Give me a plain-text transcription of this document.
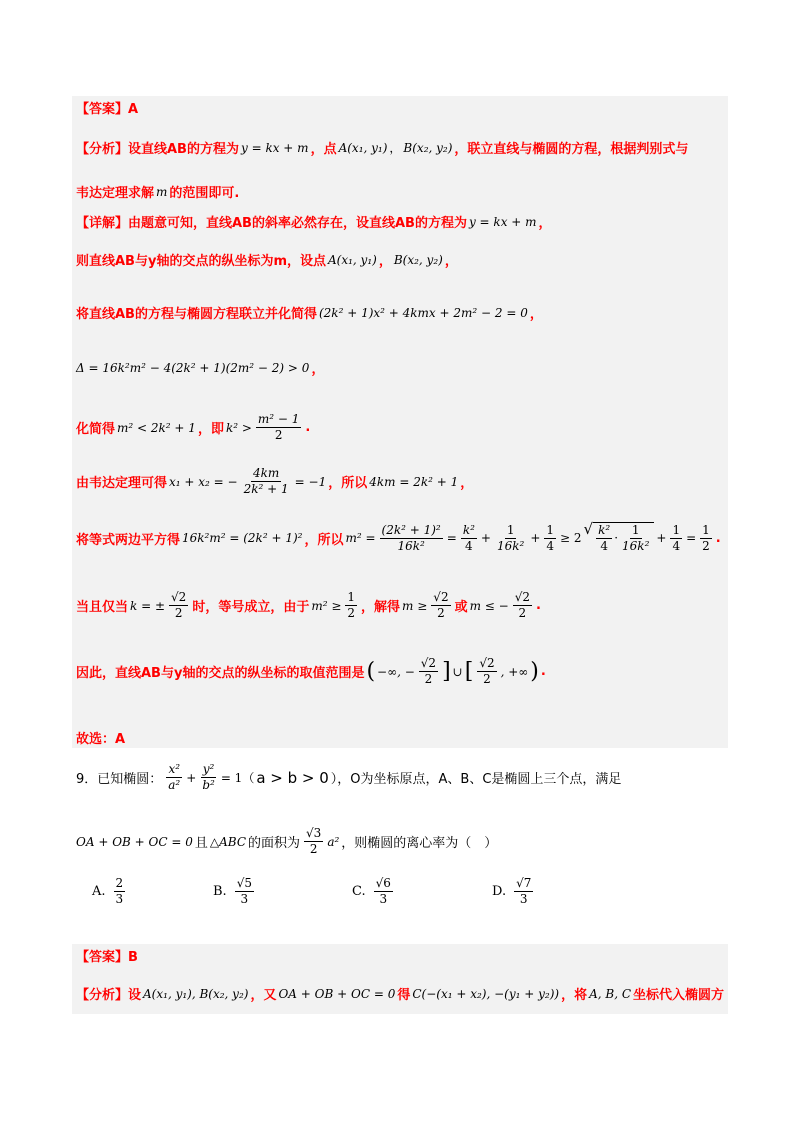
【答案】A
【分析】设直线AB的方程为 y = kx + m ，点 A(x₁, y₁) ， B(x₂, y₂) ，联立直线与椭圆的方程，根据判别式与
韦达定理求解 m 的范围即可.
【详解】由题意可知，直线AB的斜率必然存在，设直线AB的方程为 y = kx + m ，
则直线AB与y轴的交点的纵坐标为m，设点 A(x₁, y₁) ， B(x₂, y₂) ，
将直线AB的方程与椭圆方程联立并化简得 (2k² + 1)x² + 4kmx + 2m² − 2 = 0 ，
Δ = 16k²m² − 4(2k² + 1)(2m² − 2) > 0 ，
化简得 m² < 2k² + 1 ，即 $k^2 > \frac{\text{m² − 1}}{2}$ .
由韦达定理可得 x₁ + x₂ = − $\frac{4km}{\text{2k² + 1}} = -1$ ，所以 4km = 2k² + 1 ，
将等式两边平方得 16k²m² = (2k² + 1)² ，所以 $m^2 = \frac{\text{(2k² + 1)²}}{\text{16k²}} = \frac{\text{k²}}{4} + \frac{1}{\text{16k²}} + \frac{1}{4} \ge 2$ √ $\frac{\text{k²}}{4} \cdot \frac{1}{\text{16k²}} + \frac{1}{4} = \frac{1}{2}$ .
当且仅当 k = ± $\frac{√2}{2}$ 时，等号成立，由于 $m^2 \ge \frac{1}{2}$ ，解得 $m \ge \frac{√2}{2}$ 或 m ≤ − $\frac{√2}{2}$ .
因此，直线AB与y轴的交点的纵坐标的取值范围是 ( −∞, − $\frac{√2}{2}$ ] ∪ [ $\frac{√2}{2}$ , +∞ ) .
故选：A
9．已知椭圆： $\frac{\text{x²}}{\text{a²}} + \frac{\text{y²}}{\text{b²}} = 1$（ a > b > 0 ），O为坐标原点，A、B、C是椭圆上三个点，满足
OA + OB + OC = 0 且 △ABC 的面积为 $\frac{√3}{2} a^2$ ，则椭圆的离心率为（　）
A. $\frac{2}{3}$	B. $\frac{√5}{3}$	C. $\frac{√6}{3}$	D. $\frac{√7}{3}$
【答案】B
【分析】设 A(x₁, y₁), B(x₂, y₂) ，又 OA + OB + OC = 0 得 C(−(x₁ + x₂), −(y₁ + y₂)) ，将 A, B, C 坐标代入椭圆方
